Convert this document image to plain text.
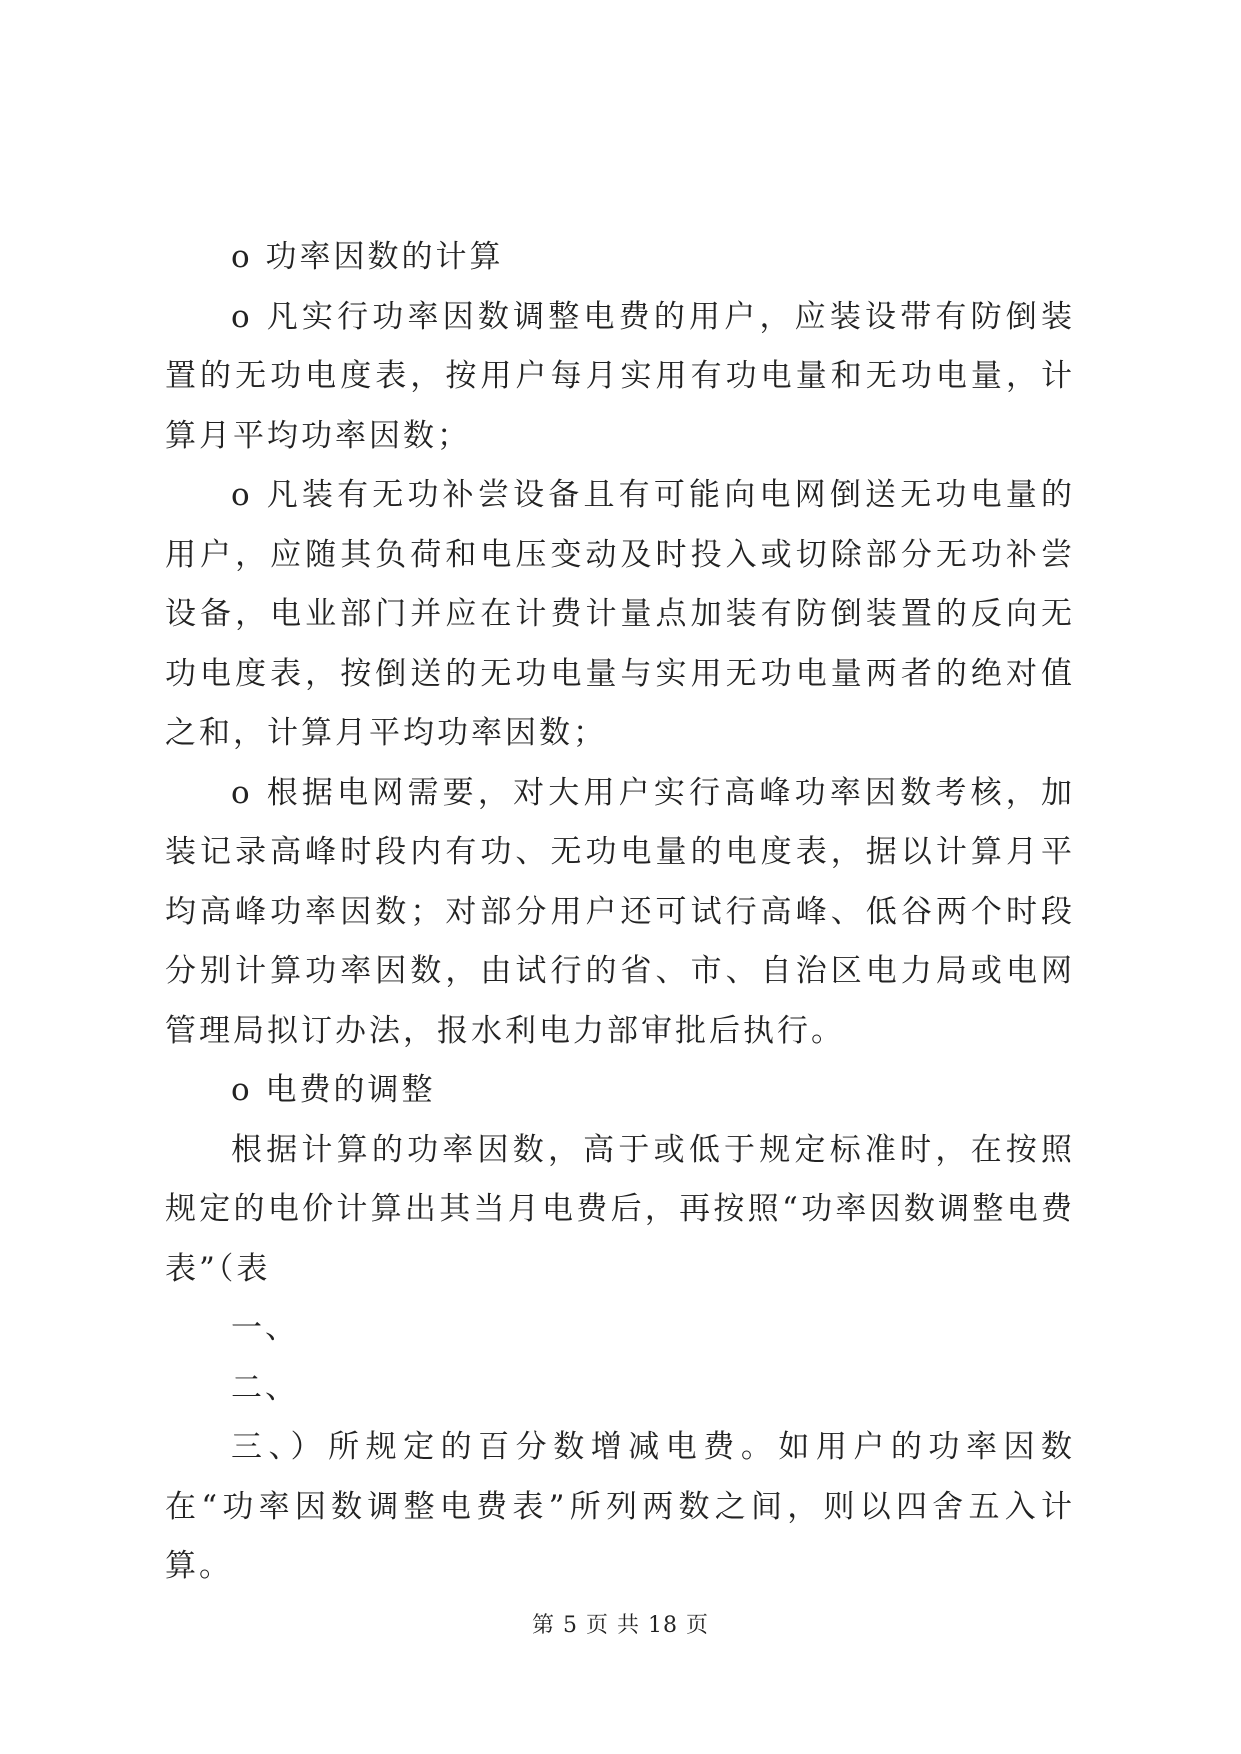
o 功率因数的计算

o 凡实行功率因数调整电费的用户，应装设带有防倒装置的无功电度表，按用户每月实用有功电量和无功电量，计算月平均功率因数；

o 凡装有无功补尝设备且有可能向电网倒送无功电量的用户，应随其负荷和电压变动及时投入或切除部分无功补尝设备，电业部门并应在计费计量点加装有防倒装置的反向无功电度表，按倒送的无功电量与实用无功电量两者的绝对值之和，计算月平均功率因数；

o 根据电网需要，对大用户实行高峰功率因数考核，加装记录高峰时段内有功、无功电量的电度表，据以计算月平均高峰功率因数；对部分用户还可试行高峰、低谷两个时段分别计算功率因数，由试行的省、市、自治区电力局或电网管理局拟订办法，报水利电力部审批后执行。

o 电费的调整

根据计算的功率因数，高于或低于规定标准时，在按照规定的电价计算出其当月电费后，再按照“功率因数调整电费表”（表

一、

二、

三、）所规定的百分数增减电费。如用户的功率因数在“功率因数调整电费表”所列两数之间，则以四舍五入计算。

第 5 页 共 18 页
